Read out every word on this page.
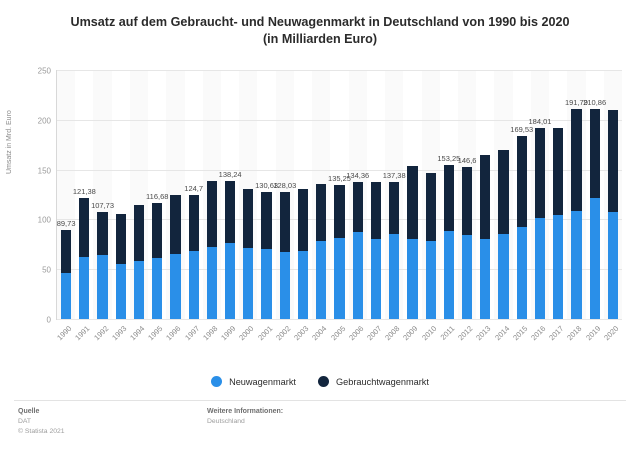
Umsatz auf dem Gebraucht- und Neuwagenmarkt in Deutschland von 1990 bis 2020
(in Milliarden Euro)
Umsatz in Mrd. Euro
0
50
100
150
200
250
89,73
121,38
107,73
116,68
124,7
138,24
130,63
128,03
135,25
134,36 137,38
153,25
146,6
169,53
184,01
191,79
210,86
1990 1991 1992 1993 1994 1995 1996 1997 1998 1999 2000 2001 2002 2003 2004 2005 2006 2007 2008 2009 2010 2011 2012 2013 2014 2015 2016 2017 2018 2019 2020
Neuwagenmarkt	Gebrauchtwagenmarkt
Quelle
DAT
© Statista 2021
Weitere Informationen:
Deutschland
